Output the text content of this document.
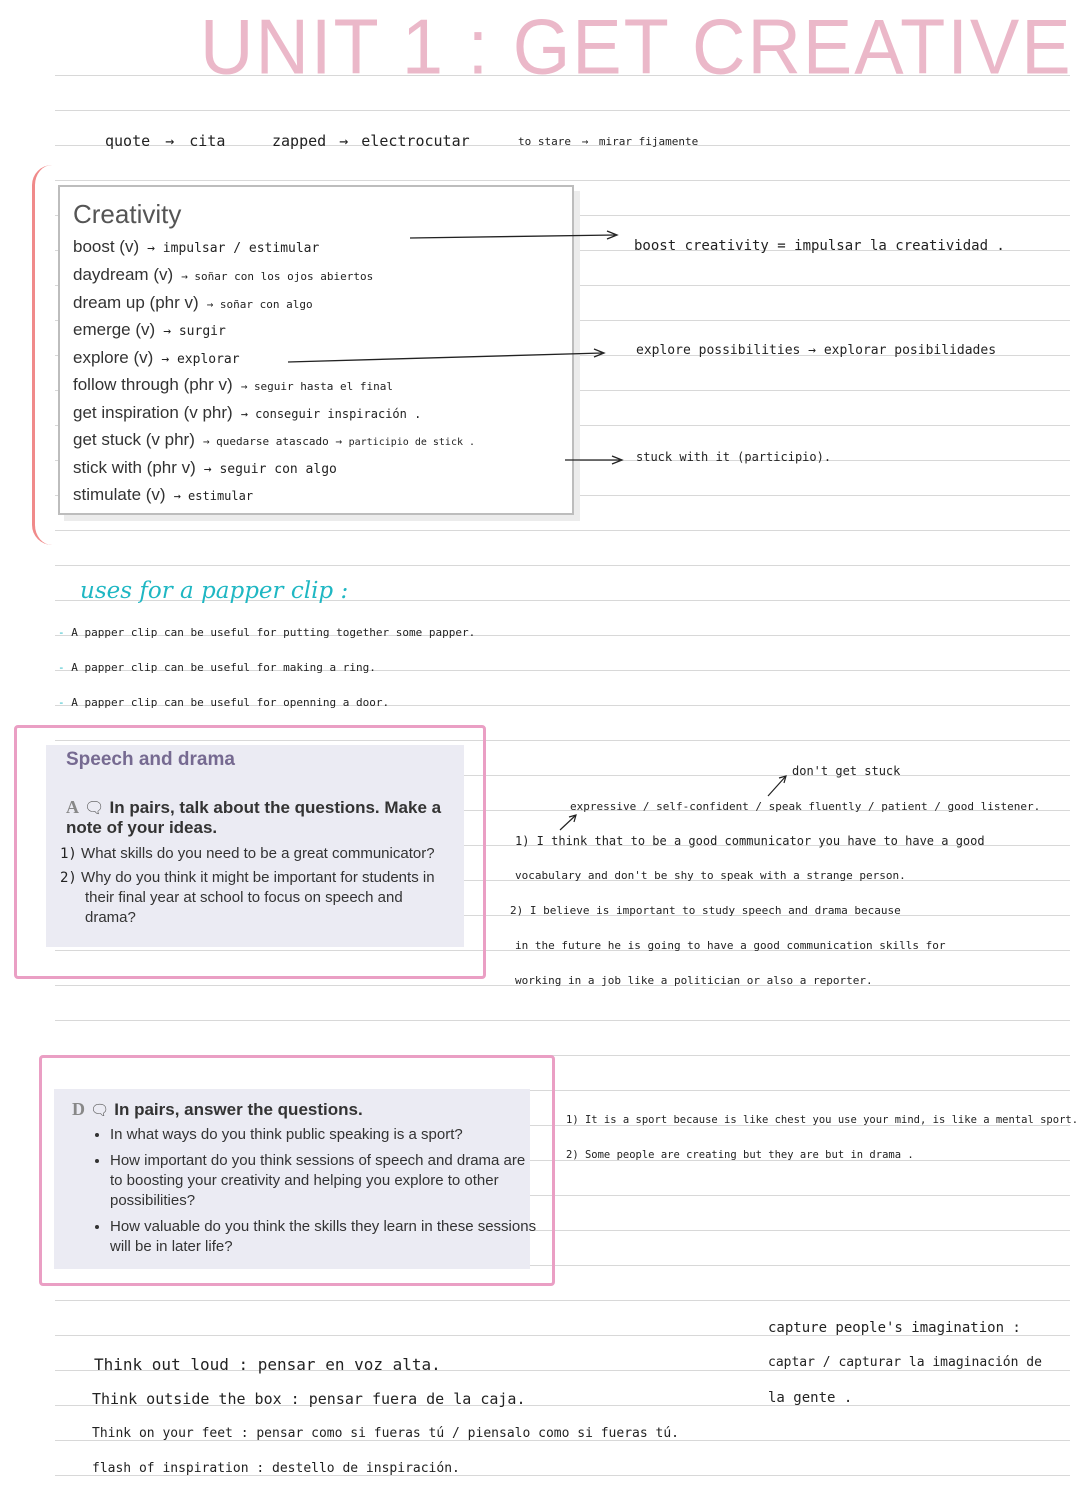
UNIT 1 : GET CREATIVE
quote → cita	zapped → electrocutar	to stare → mirar fijamente
Creativity
boost (v) → impulsar / estimular
daydream (v) → soñar con los ojos abiertos
dream up (phr v) → soñar con algo
emerge (v) → surgir
explore (v) → explorar
follow through (phr v) → seguir hasta el final
get inspiration (v phr) → conseguir inspiración .
get stuck (v phr) → quedarse atascado → participio de stick .
stick with (phr v) → seguir con algo
stimulate (v) → estimular
boost creativity = impulsar la creatividad .
explore possibilities → explorar posibilidades
stuck with it (participio).
uses for a papper clip :
- A papper clip can be useful for putting together some papper.
- A papper clip can be useful for making a ring.
- A papper clip can be useful for openning a door.
Speech and drama
A 🗨 In pairs, talk about the questions. Make a note of your ideas.
1) What skills do you need to be a great communicator?
2) Why do you think it might be important for students in their final year at school to focus on speech and drama?
don't get stuck
expressive / self-confident / speak fluently / patient / good listener.
1) I think that to be a good communicator you have to have a good
vocabulary and don't be shy to speak with a strange person.
2) I believe is important to study speech and drama because
in the future he is going to have a good communication skills for
working in a job like a politician or also a reporter.
D 🗨 In pairs, answer the questions.
• In what ways do you think public speaking is a sport?
• How important do you think sessions of speech and drama are to boosting your creativity and helping you explore to other possibilities?
• How valuable do you think the skills they learn in these sessions will be in later life?
1) It is a sport because is like chest you use your mind, is like a mental sport.
2) Some people are creating but they are but in drama .
capture people's imagination :
captar / capturar la imaginación de
la gente .
Think out loud : pensar en voz alta.
Think outside the box : pensar fuera de la caja.
Think on your feet : pensar como si fueras tú / piensalo como si fueras tú.
flash of inspiration : destello de inspiración.
